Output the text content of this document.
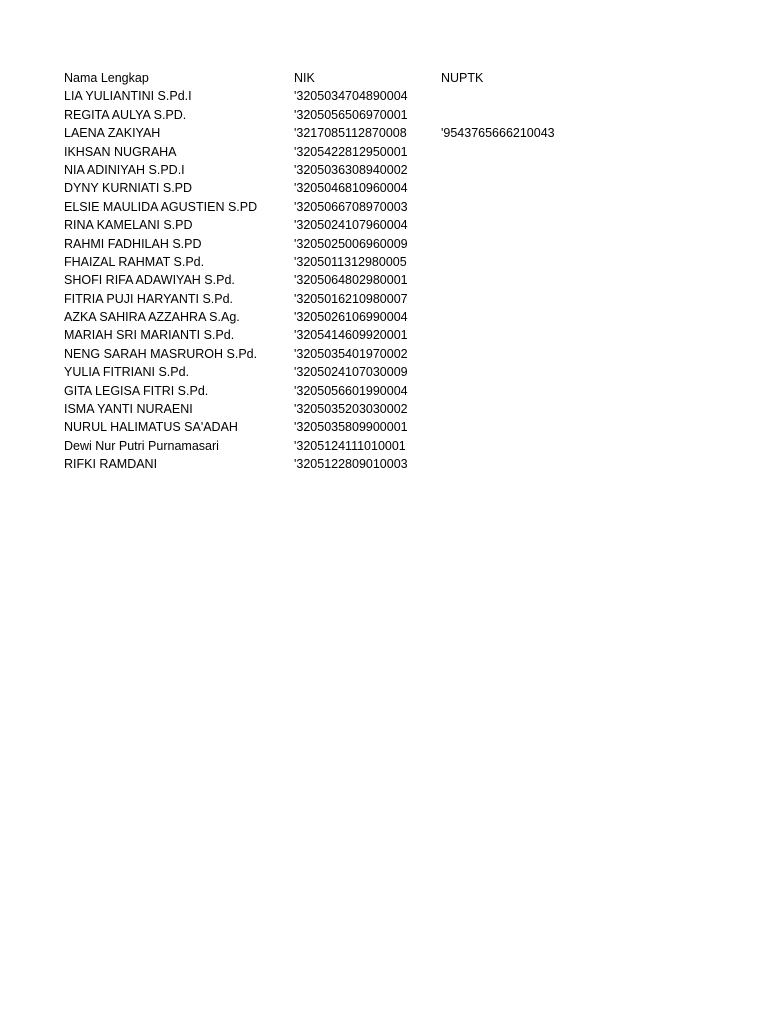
Nama Lengkap	NIK	NUPTK
LIA YULIANTINI S.Pd.I	'3205034704890004
REGITA AULYA S.PD.	'3205056506970001
LAENA ZAKIYAH	'3217085112870008	'9543765666210043
IKHSAN NUGRAHA	'3205422812950001
NIA ADINIYAH S.PD.I	'3205036308940002
DYNY KURNIATI S.PD	'3205046810960004
ELSIE MAULIDA AGUSTIEN S.PD	'3205066708970003
RINA KAMELANI S.PD	'3205024107960004
RAHMI FADHILAH S.PD	'3205025006960009
FHAIZAL RAHMAT S.Pd.	'3205011312980005
SHOFI RIFA ADAWIYAH S.Pd.	'3205064802980001
FITRIA PUJI HARYANTI S.Pd.	'3205016210980007
AZKA SAHIRA AZZAHRA S.Ag.	'3205026106990004
MARIAH SRI MARIANTI S.Pd.	'3205414609920001
NENG SARAH MASRUROH S.Pd.	'3205035401970002
YULIA FITRIANI S.Pd.	'3205024107030009
GITA LEGISA FITRI S.Pd.	'3205056601990004
ISMA YANTI NURAENI	'3205035203030002
NURUL HALIMATUS SA'ADAH	'3205035809900001
Dewi Nur Putri Purnamasari	'3205124111010001
RIFKI RAMDANI	'3205122809010003
